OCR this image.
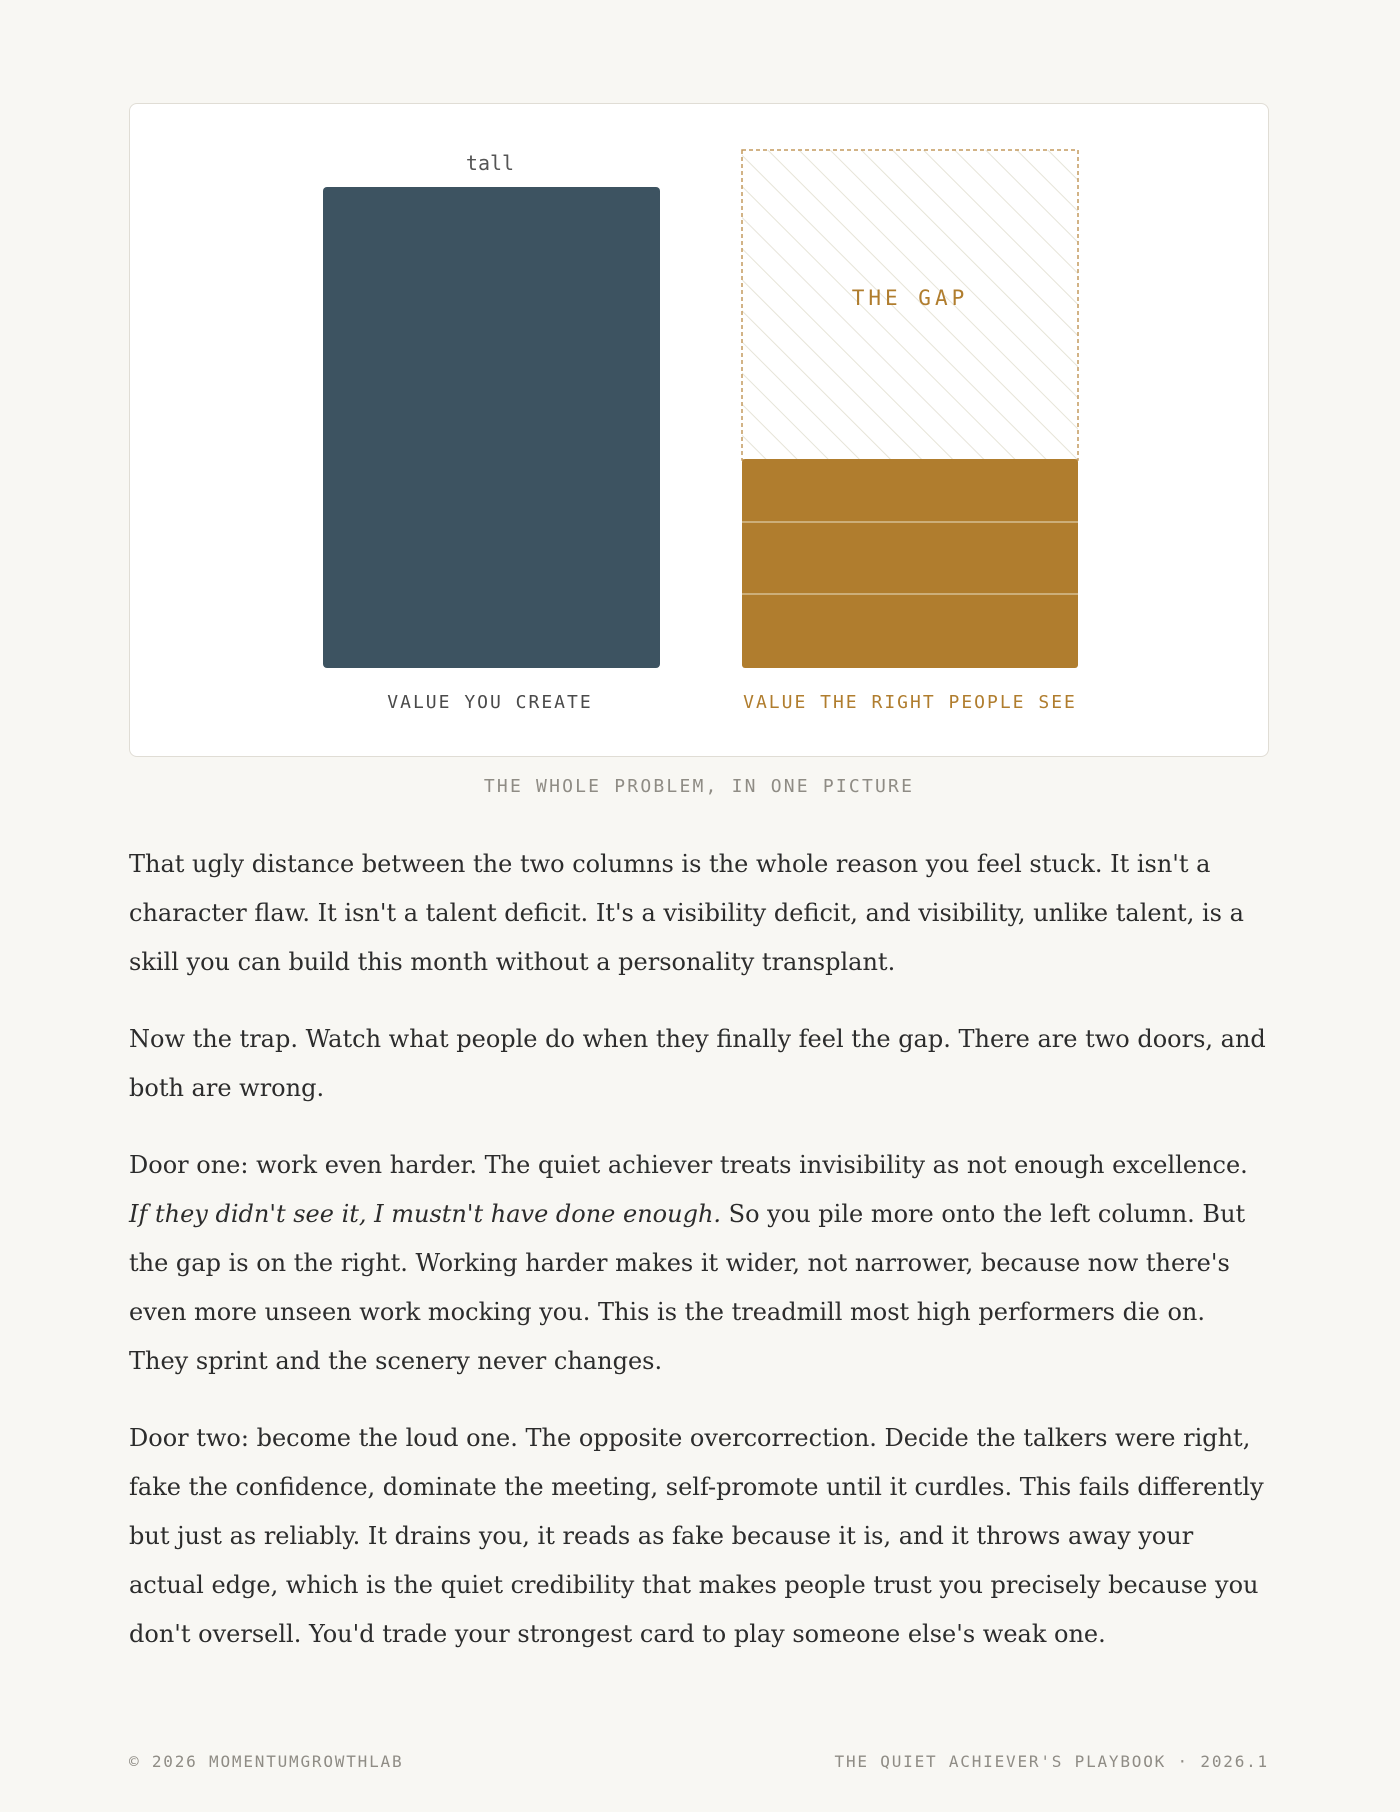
tall
THE GAP
VALUE YOU CREATE	VALUE THE RIGHT PEOPLE SEE
THE WHOLE PROBLEM, IN ONE PICTURE

That ugly distance between the two columns is the whole reason you feel stuck. It isn't a character flaw. It isn't a talent deficit. It's a visibility deficit, and visibility, unlike talent, is a skill you can build this month without a personality transplant.

Now the trap. Watch what people do when they finally feel the gap. There are two doors, and both are wrong.

Door one: work even harder. The quiet achiever treats invisibility as not enough excellence. If they didn't see it, I mustn't have done enough. So you pile more onto the left column. But the gap is on the right. Working harder makes it wider, not narrower, because now there's even more unseen work mocking you. This is the treadmill most high performers die on. They sprint and the scenery never changes.

Door two: become the loud one. The opposite overcorrection. Decide the talkers were right, fake the confidence, dominate the meeting, self-promote until it curdles. This fails differently but just as reliably. It drains you, it reads as fake because it is, and it throws away your actual edge, which is the quiet credibility that makes people trust you precisely because you don't oversell. You'd trade your strongest card to play someone else's weak one.

© 2026 MOMENTUMGROWTHLAB	THE QUIET ACHIEVER'S PLAYBOOK · 2026.1
